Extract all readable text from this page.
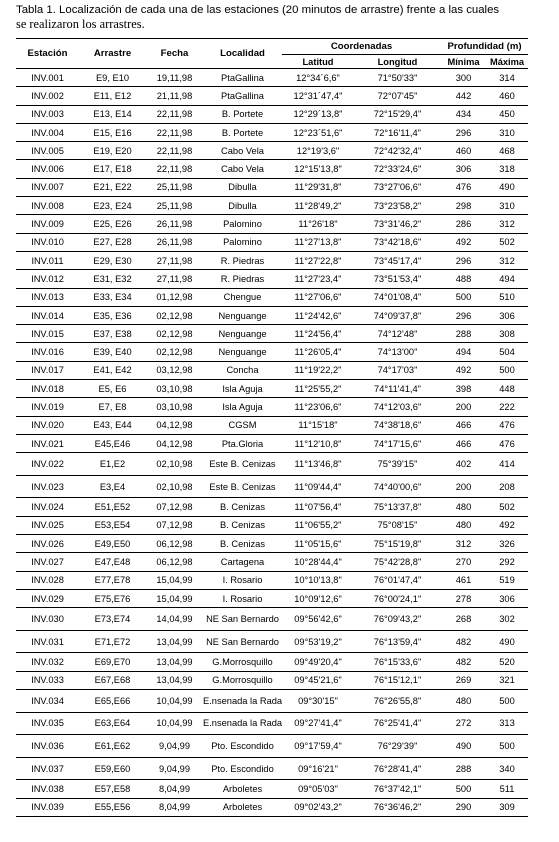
Tabla 1. Localización de cada una de las estaciones (20 minutos de arrastre) frente a las cuales
se realizaron los arrastres.
Estación	Arrastre	Fecha	Localidad	Coordenadas		Profundidad (m)	
				Latitud	Longitud	Mínima	Máxima
INV.001	E9, E10	19,11,98	PtaGallina	12°34´6,6"	71°50'33"	300	314
INV.002	E11, E12	21,11,98	PtaGallina	12°31´47,4"	72°07'45"	442	460
INV.003	E13, E14	22,11,98	B. Portete	12°29´13,8"	72°15'29,4"	434	450
INV.004	E15, E16	22,11,98	B. Portete	12°23´51,6"	72°16'11,4"	296	310
INV.005	E19, E20	22,11,98	Cabo Vela	12°19'3,6"	72°42'32,4"	460	468
INV.006	E17, E18	22,11,98	Cabo Vela	12°15'13,8"	72°33'24,6"	306	318
INV.007	E21, E22	25,11,98	Dibulla	11°29'31,8"	73°27'06,6"	476	490
INV.008	E23, E24	25,11,98	Dibulla	11°28'49,2"	73°23'58,2"	298	310
INV.009	E25, E26	26,11,98	Palomino	11°26'18"	73°31'46,2"	286	312
INV.010	E27, E28	26,11,98	Palomino	11°27'13,8"	73°42'18,6"	492	502
INV.011	E29, E30	27,11,98	R. Piedras	11°27'22,8"	73°45'17,4"	296	312
INV.012	E31, E32	27,11,98	R. Piedras	11°27'23,4"	73°51'53,4"	488	494
INV.013	E33, E34	01,12,98	Chengue	11°27'06,6"	74°01'08,4"	500	510
INV.014	E35, E36	02,12,98	Nenguange	11°24'42,6"	74°09'37,8"	296	306
INV.015	E37, E38	02,12,98	Nenguange	11°24'56,4"	74°12'48"	288	308
INV.016	E39, E40	02,12,98	Nenguange	11°26'05,4"	74°13'00"	494	504
INV.017	E41, E42	03,12,98	Concha	11°19'22,2"	74°17'03"	492	500
INV.018	E5, E6	03,10,98	Isla Aguja	11°25'55,2"	74°11'41,4"	398	448
INV.019	E7, E8	03,10,98	Isla Aguja	11°23'06,6"	74°12'03,6"	200	222
INV.020	E43, E44	04,12,98	CGSM	11°15'18"	74°38'18,6"	466	476
INV.021	E45,E46	04,12,98	Pta.Gloria	11°12'10,8"	74°17'15,6"	466	476
INV.022	E1,E2	02,10,98	Este B. Cenizas	11°13'46,8"	75°39'15"	402	414
INV.023	E3,E4	02,10,98	Este B. Cenizas	11°09'44,4"	74°40'00,6"	200	208
INV.024	E51,E52	07,12,98	B. Cenizas	11°07'56,4"	75°13'37,8"	480	502
INV.025	E53,E54	07,12,98	B. Cenizas	11°06'55,2"	75°08'15"	480	492
INV.026	E49,E50	06,12,98	B. Cenizas	11°05'15,6"	75°15'19,8"	312	326
INV.027	E47,E48	06,12,98	Cartagena	10°28'44,4"	75°42'28,8"	270	292
INV.028	E77,E78	15,04,99	I. Rosario	10°10'13,8"	76°01'47,4"	461	519
INV.029	E75,E76	15,04,99	I. Rosario	10°09'12,6"	76°00'24,1"	278	306
INV.030	E73,E74	14,04,99	NE San Bernardo	09°56'42,6"	76°09'43,2"	268	302
INV.031	E71,E72	13,04,99	NE San Bernardo	09°53'19,2"	76°13'59,4"	482	490
INV.032	E69,E70	13,04,99	G.Morrosquillo	09°49'20,4"	76°15'33,6"	482	520
INV.033	E67,E68	13,04,99	G.Morrosquillo	09°45'21,6"	76°15'12,1"	269	321
INV.034	E65,E66	10,04,99	E.nsenada la Rada	09°30'15"	76°26'55,8"	480	500
INV.035	E63,E64	10,04,99	E.nsenada la Rada	09°27'41,4"	76°25'41,4"	272	313
INV.036	E61,E62	9,04,99	Pto. Escondido	09°17'59,4"	76°29'39"	490	500
INV.037	E59,E60	9,04,99	Pto. Escondido	09°16'21"	76°28'41,4"	288	340
INV.038	E57,E58	8,04,99	Arboletes	09°05'03"	76°37'42,1"	500	511
INV.039	E55,E56	8,04,99	Arboletes	09°02'43,2"	76°36'46,2"	290	309
